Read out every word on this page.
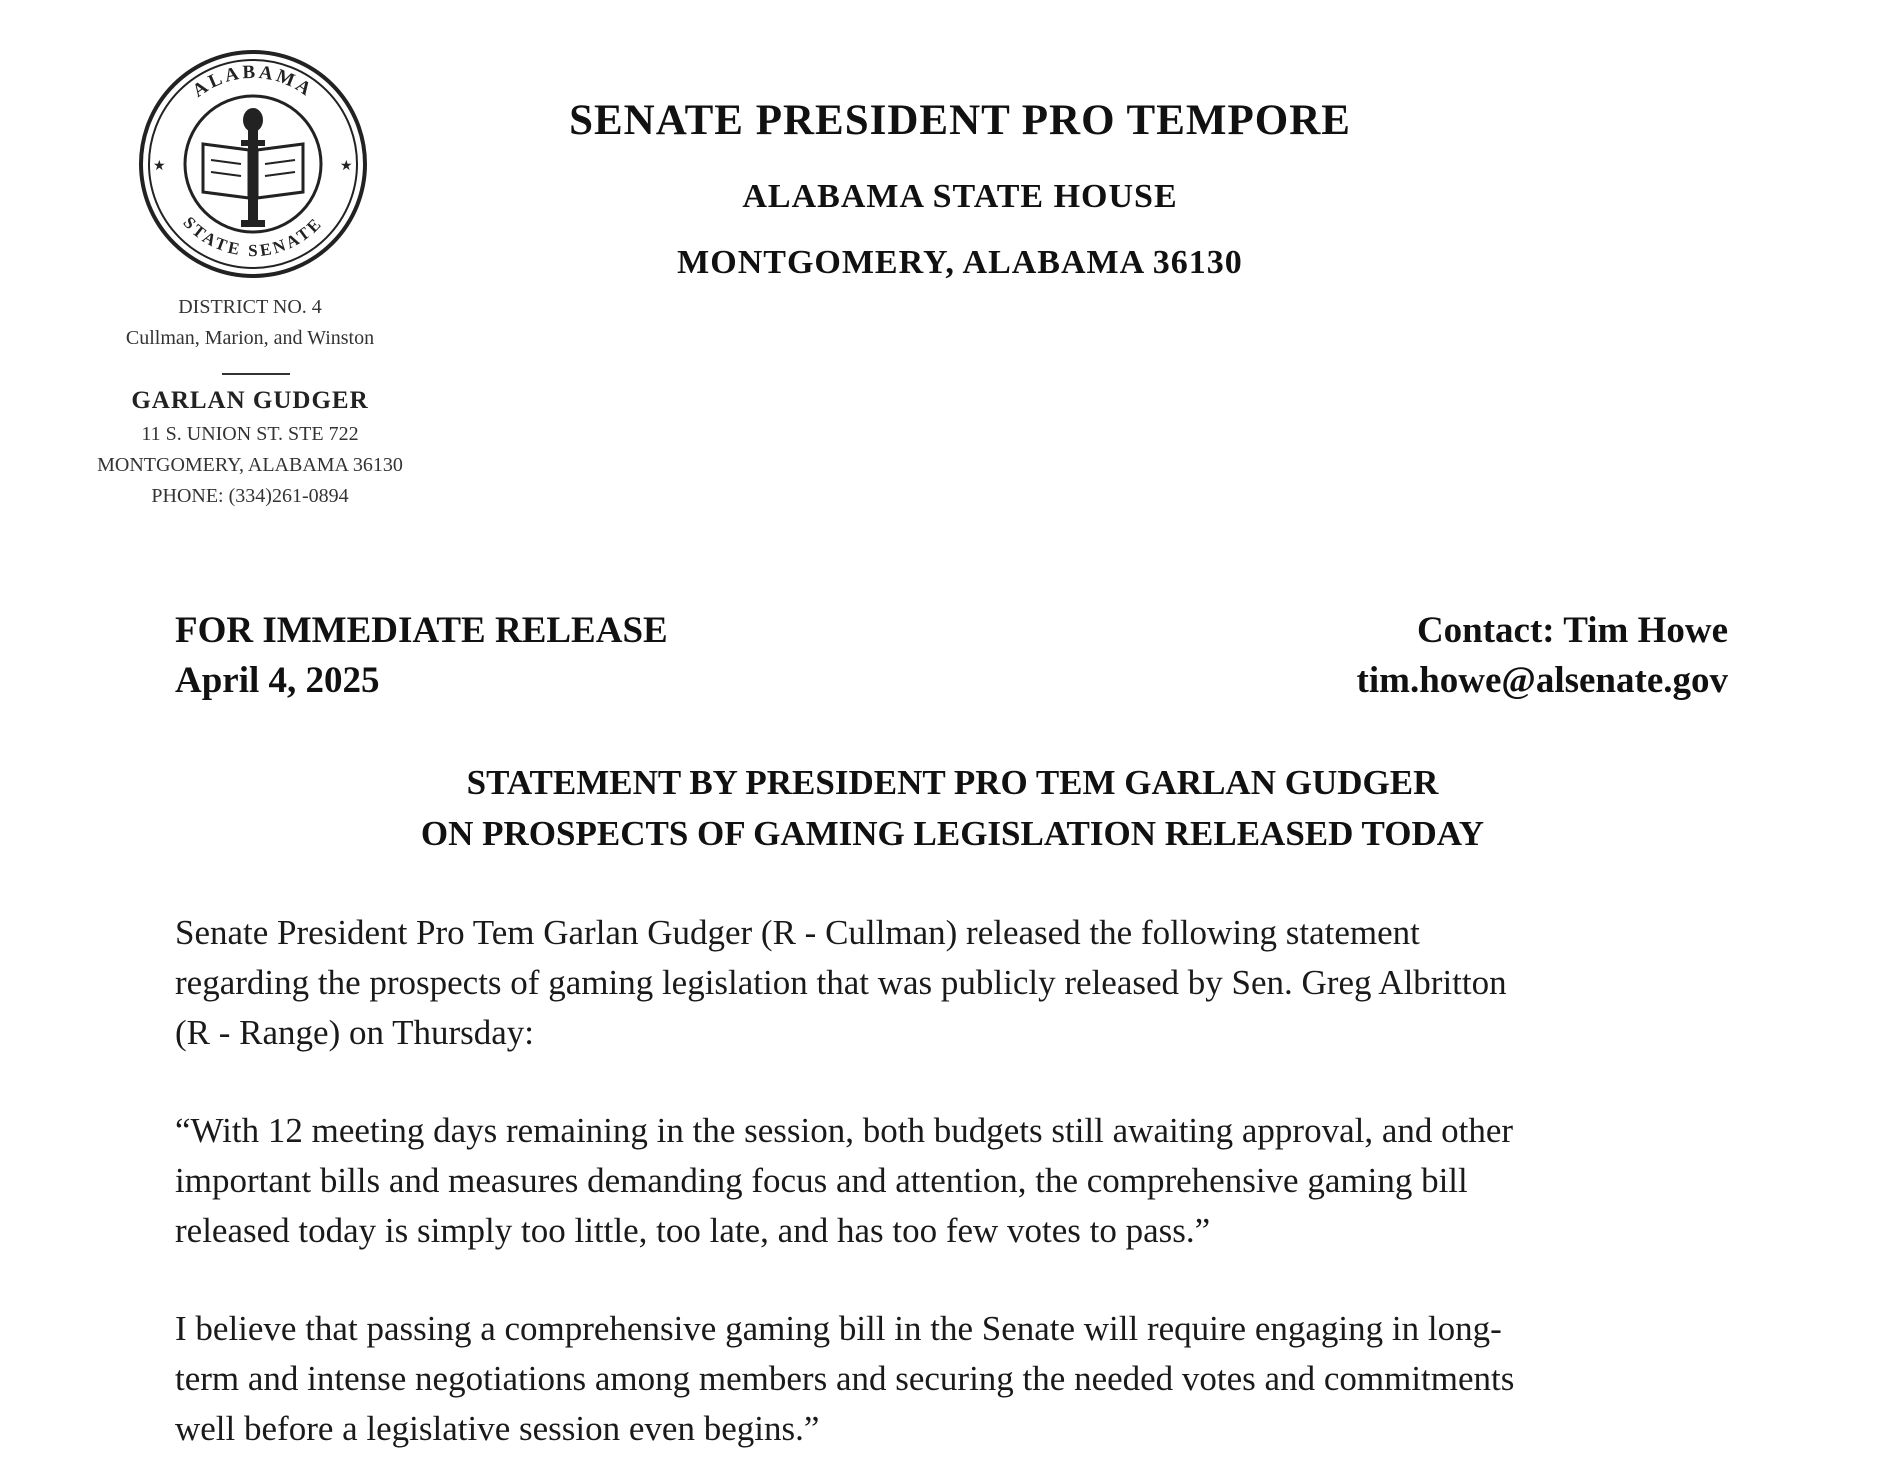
ALABAMA
STATE SENATE
★	★
DISTRICT NO. 4
Cullman, Marion, and Winston
GARLAN GUDGER
11 S. UNION ST. STE 722
MONTGOMERY, ALABAMA 36130
PHONE: (334)261-0894
SENATE PRESIDENT PRO TEMPORE
ALABAMA STATE HOUSE
MONTGOMERY, ALABAMA 36130
FOR IMMEDIATE RELEASE
April 4, 2025
Contact: Tim Howe
tim.howe@alsenate.gov
STATEMENT BY PRESIDENT PRO TEM GARLAN GUDGER
ON PROSPECTS OF GAMING LEGISLATION RELEASED TODAY
Senate President Pro Tem Garlan Gudger (R - Cullman) released the following statement
regarding the prospects of gaming legislation that was publicly released by Sen. Greg Albritton
(R - Range) on Thursday:
“With 12 meeting days remaining in the session, both budgets still awaiting approval, and other
important bills and measures demanding focus and attention, the comprehensive gaming bill
released today is simply too little, too late, and has too few votes to pass.”
I believe that passing a comprehensive gaming bill in the Senate will require engaging in long-
term and intense negotiations among members and securing the needed votes and commitments
well before a legislative session even begins.”
